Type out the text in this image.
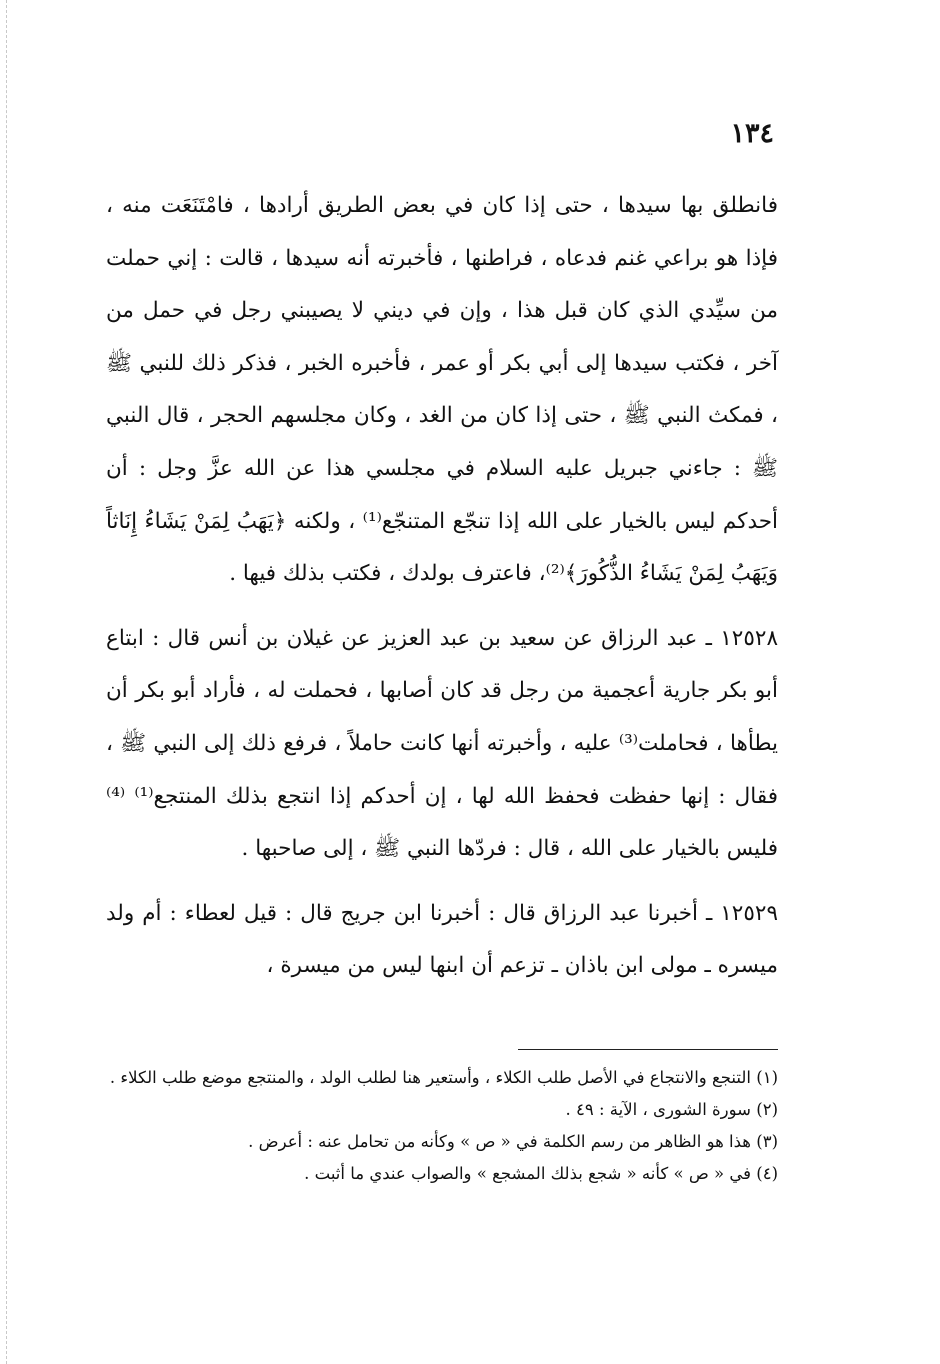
١٣٤

فانطلق بها سيدها ، حتى إذا كان في بعض الطريق أرادها ، فامْتَنَعَت منه ، فإذا هو براعي غنم فدعاه ، فراطنها ، فأخبرته أنه سيدها ، قالت : إني حملت من سيِّدي الذي كان قبل هذا ، وإن في ديني لا يصيبني رجل في حمل من آخر ، فكتب سيدها إلى أبي بكر أو عمر ، فأخبره الخبر ، فذكر ذلك للنبي ﷺ ، فمكث النبي ﷺ ، حتى إذا كان من الغد ، وكان مجلسهم الحجر ، قال النبي ﷺ : جاءني جبريل عليه السلام في مجلسي هذا عن الله عزَّ وجل : أن أحدكم ليس بالخيار على الله إذا تنجّع المتنجّع⁽¹⁾ ، ولكنه ﴿يَهَبُ لِمَنْ يَشَاءُ إِنَاثاً وَيَهَبُ لِمَنْ يَشَاءُ الذُّكُورَ﴾⁽²⁾، فاعترف بولدك ، فكتب بذلك فيها .

١٢٥٢٨ ـ عبد الرزاق عن سعيد بن عبد العزيز عن غيلان بن أنس قال : ابتاع أبو بكر جارية أعجمية من رجل قد كان أصابها ، فحملت له ، فأراد أبو بكر أن يطأها ، فحاملت⁽³⁾ عليه ، وأخبرته أنها كانت حاملاً ، فرفع ذلك إلى النبي ﷺ ، فقال : إنها حفظت فحفظ الله لها ، إن أحدكم إذا انتجع بذلك المنتجع⁽¹⁾ ⁽⁴⁾ فليس بالخيار على الله ، قال : فردّها النبي ﷺ ، إلى صاحبها .

١٢٥٢٩ ـ أخبرنا عبد الرزاق قال : أخبرنا ابن جريج قال : قيل لعطاء : أم ولد ميسره ـ مولى ابن باذان ـ تزعم أن ابنها ليس من ميسرة ،

(١) التنجع والانتجاع في الأصل طلب الكلاء ، وأستعير هنا لطلب الولد ، والمنتجع موضع طلب الكلاء .

(٢) سورة الشورى ، الآية : ٤٩ .

(٣) هذا هو الظاهر من رسم الكلمة في « ص » وكأنه من تحامل عنه : أعرض .

(٤) في « ص » كأنه « شجع بذلك المشجع » والصواب عندي ما أثبت .
